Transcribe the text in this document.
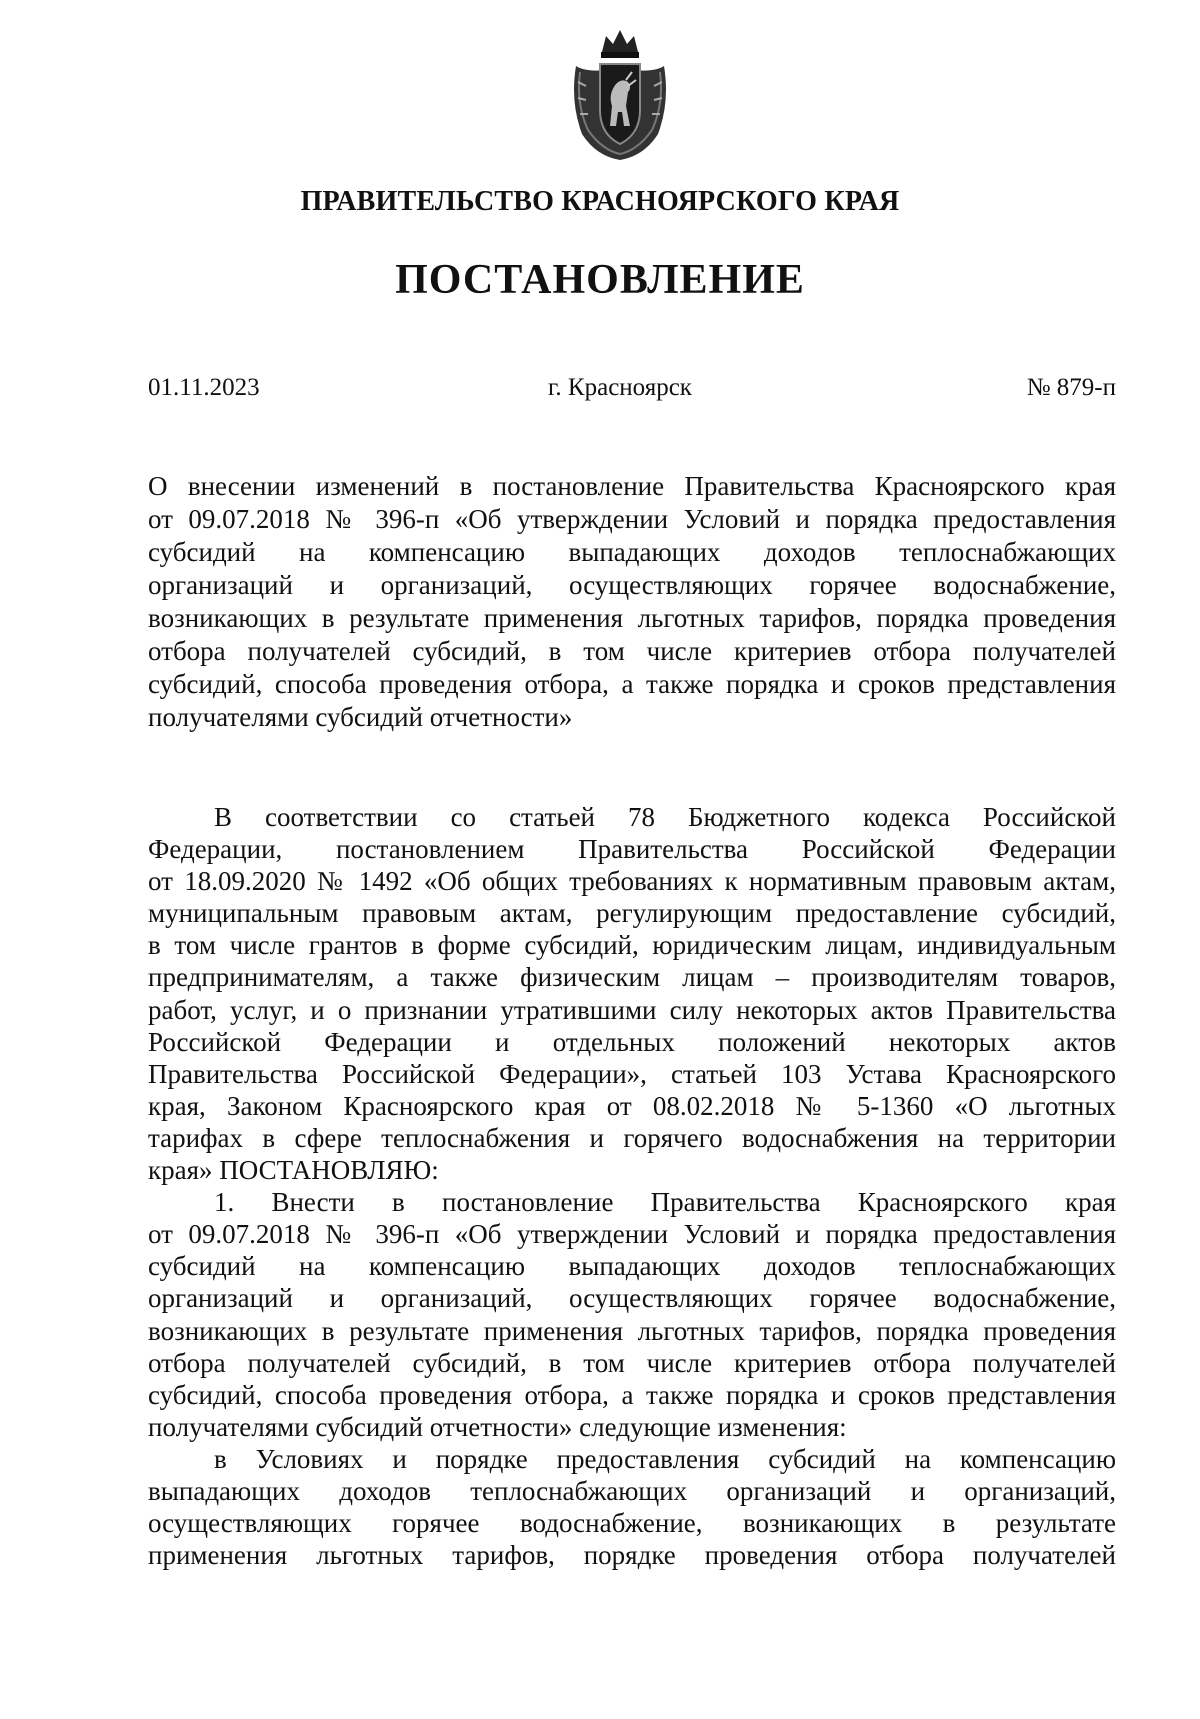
ПРАВИТЕЛЬСТВО КРАСНОЯРСКОГО КРАЯ
ПОСТАНОВЛЕНИЕ
01.11.2023	г. Красноярск	№ 879-п
О внесении изменений в постановление Правительства Красноярского края
от 09.07.2018 № 396-п «Об утверждении Условий и порядка предоставления
субсидий на компенсацию выпадающих доходов теплоснабжающих
организаций и организаций, осуществляющих горячее водоснабжение,
возникающих в результате применения льготных тарифов, порядка проведения
отбора получателей субсидий, в том числе критериев отбора получателей
субсидий, способа проведения отбора, а также порядка и сроков представления
получателями субсидий отчетности»
В соответствии со статьей 78 Бюджетного кодекса Российской
Федерации, постановлением Правительства Российской Федерации
от 18.09.2020 № 1492 «Об общих требованиях к нормативным правовым актам,
муниципальным правовым актам, регулирующим предоставление субсидий,
в том числе грантов в форме субсидий, юридическим лицам, индивидуальным
предпринимателям, а также физическим лицам – производителям товаров,
работ, услуг, и о признании утратившими силу некоторых актов Правительства
Российской Федерации и отдельных положений некоторых актов
Правительства Российской Федерации», статьей 103 Устава Красноярского
края, Законом Красноярского края от 08.02.2018 № 5-1360 «О льготных
тарифах в сфере теплоснабжения и горячего водоснабжения на территории
края» ПОСТАНОВЛЯЮ:
1. Внести в постановление Правительства Красноярского края
от 09.07.2018 № 396-п «Об утверждении Условий и порядка предоставления
субсидий на компенсацию выпадающих доходов теплоснабжающих
организаций и организаций, осуществляющих горячее водоснабжение,
возникающих в результате применения льготных тарифов, порядка проведения
отбора получателей субсидий, в том числе критериев отбора получателей
субсидий, способа проведения отбора, а также порядка и сроков представления
получателями субсидий отчетности» следующие изменения:
в Условиях и порядке предоставления субсидий на компенсацию
выпадающих доходов теплоснабжающих организаций и организаций,
осуществляющих горячее водоснабжение, возникающих в результате
применения льготных тарифов, порядке проведения отбора получателей
